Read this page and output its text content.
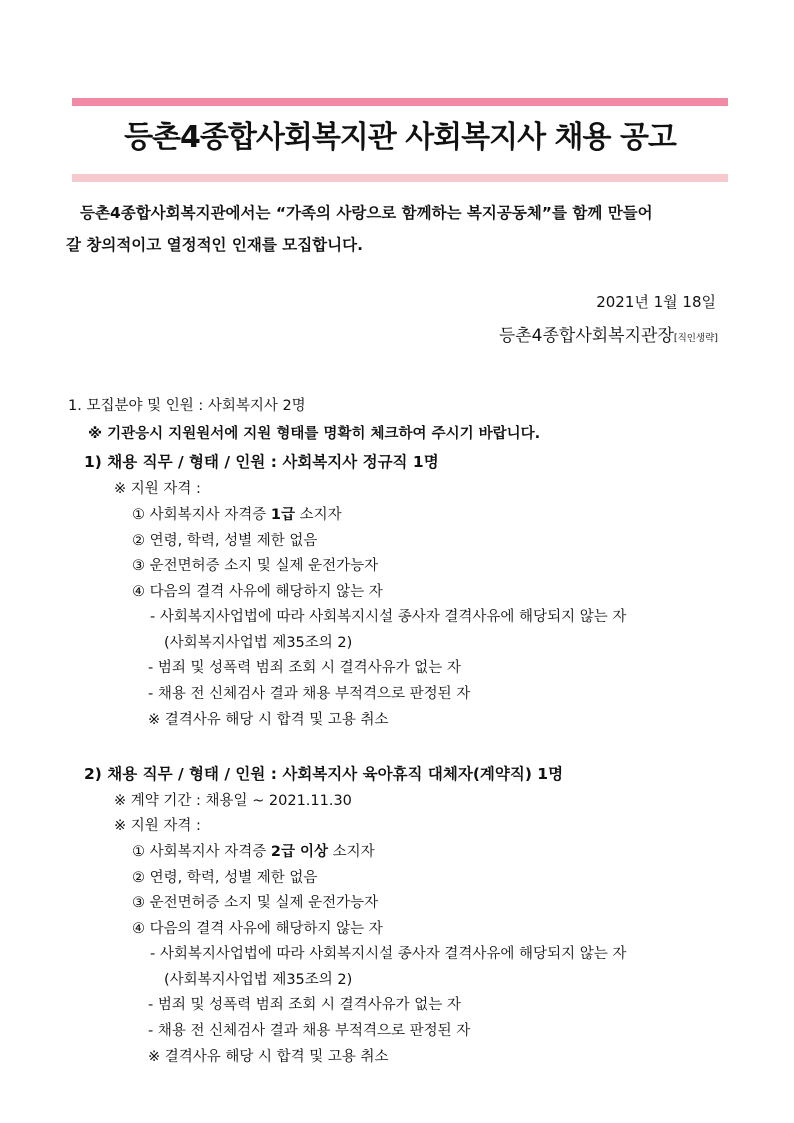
등촌4종합사회복지관 사회복지사 채용 공고
등촌4종합사회복지관에서는 “가족의 사랑으로 함께하는 복지공동체”를 함께 만들어
갈 창의적이고 열정적인 인재를 모집합니다.
2021년 1월 18일
등촌4종합사회복지관장[직인생략]
1. 모집분야 및 인원 : 사회복지사 2명
※ 기관응시 지원원서에 지원 형태를 명확히 체크하여 주시기 바랍니다.
1) 채용 직무 / 형태 / 인원 : 사회복지사 정규직 1명
※ 지원 자격 :
① 사회복지사 자격증 1급 소지자
② 연령, 학력, 성별 제한 없음
③ 운전면허증 소지 및 실제 운전가능자
④ 다음의 결격 사유에 해당하지 않는 자
- 사회복지사업법에 따라 사회복지시설 종사자 결격사유에 해당되지 않는 자
(사회복지사업법 제35조의 2)
- 범죄 및 성폭력 범죄 조회 시 결격사유가 없는 자
- 채용 전 신체검사 결과 채용 부적격으로 판정된 자
※ 결격사유 해당 시 합격 및 고용 취소
2) 채용 직무 / 형태 / 인원 : 사회복지사 육아휴직 대체자(계약직) 1명
※ 계약 기간 : 채용일 ~ 2021.11.30
※ 지원 자격 :
① 사회복지사 자격증 2급 이상 소지자
② 연령, 학력, 성별 제한 없음
③ 운전면허증 소지 및 실제 운전가능자
④ 다음의 결격 사유에 해당하지 않는 자
- 사회복지사업법에 따라 사회복지시설 종사자 결격사유에 해당되지 않는 자
(사회복지사업법 제35조의 2)
- 범죄 및 성폭력 범죄 조회 시 결격사유가 없는 자
- 채용 전 신체검사 결과 채용 부적격으로 판정된 자
※ 결격사유 해당 시 합격 및 고용 취소
